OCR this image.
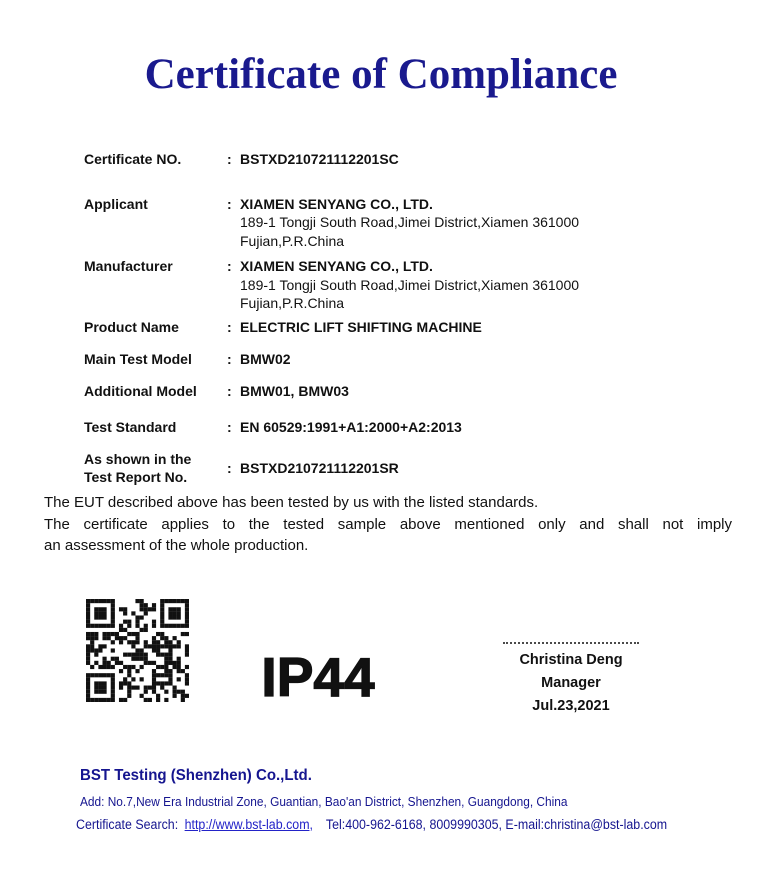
Certificate of Compliance
Certificate NO.	: BSTXD210721112201SC
Applicant	: XIAMEN SENYANG CO., LTD.
189-1 Tongji South Road,Jimei District,Xiamen 361000
Fujian,P.R.China
Manufacturer	: XIAMEN SENYANG CO., LTD.
189-1 Tongji South Road,Jimei District,Xiamen 361000
Fujian,P.R.China
Product Name	: ELECTRIC LIFT SHIFTING MACHINE
Main Test Model	: BMW02
Additional Model	: BMW01, BMW03
Test Standard	: EN 60529:1991+A1:2000+A2:2013
As shown in the
Test Report No.
: BSTXD210721112201SR
The EUT described above has been tested by us with the listed standards.
The certificate applies to the tested sample above mentioned only and shall not imply
an assessment of the whole production.
IP44	Christina Deng
Manager
Jul.23,2021
BST Testing (Shenzhen) Co.,Ltd.
Add: No.7,New Era Industrial Zone, Guantian, Bao'an District, Shenzhen, Guangdong, China
Certificate Search: http://www.bst-lab.com, Tel:400-962-6168, 8009990305, E-mail:christina@bst-lab.com
